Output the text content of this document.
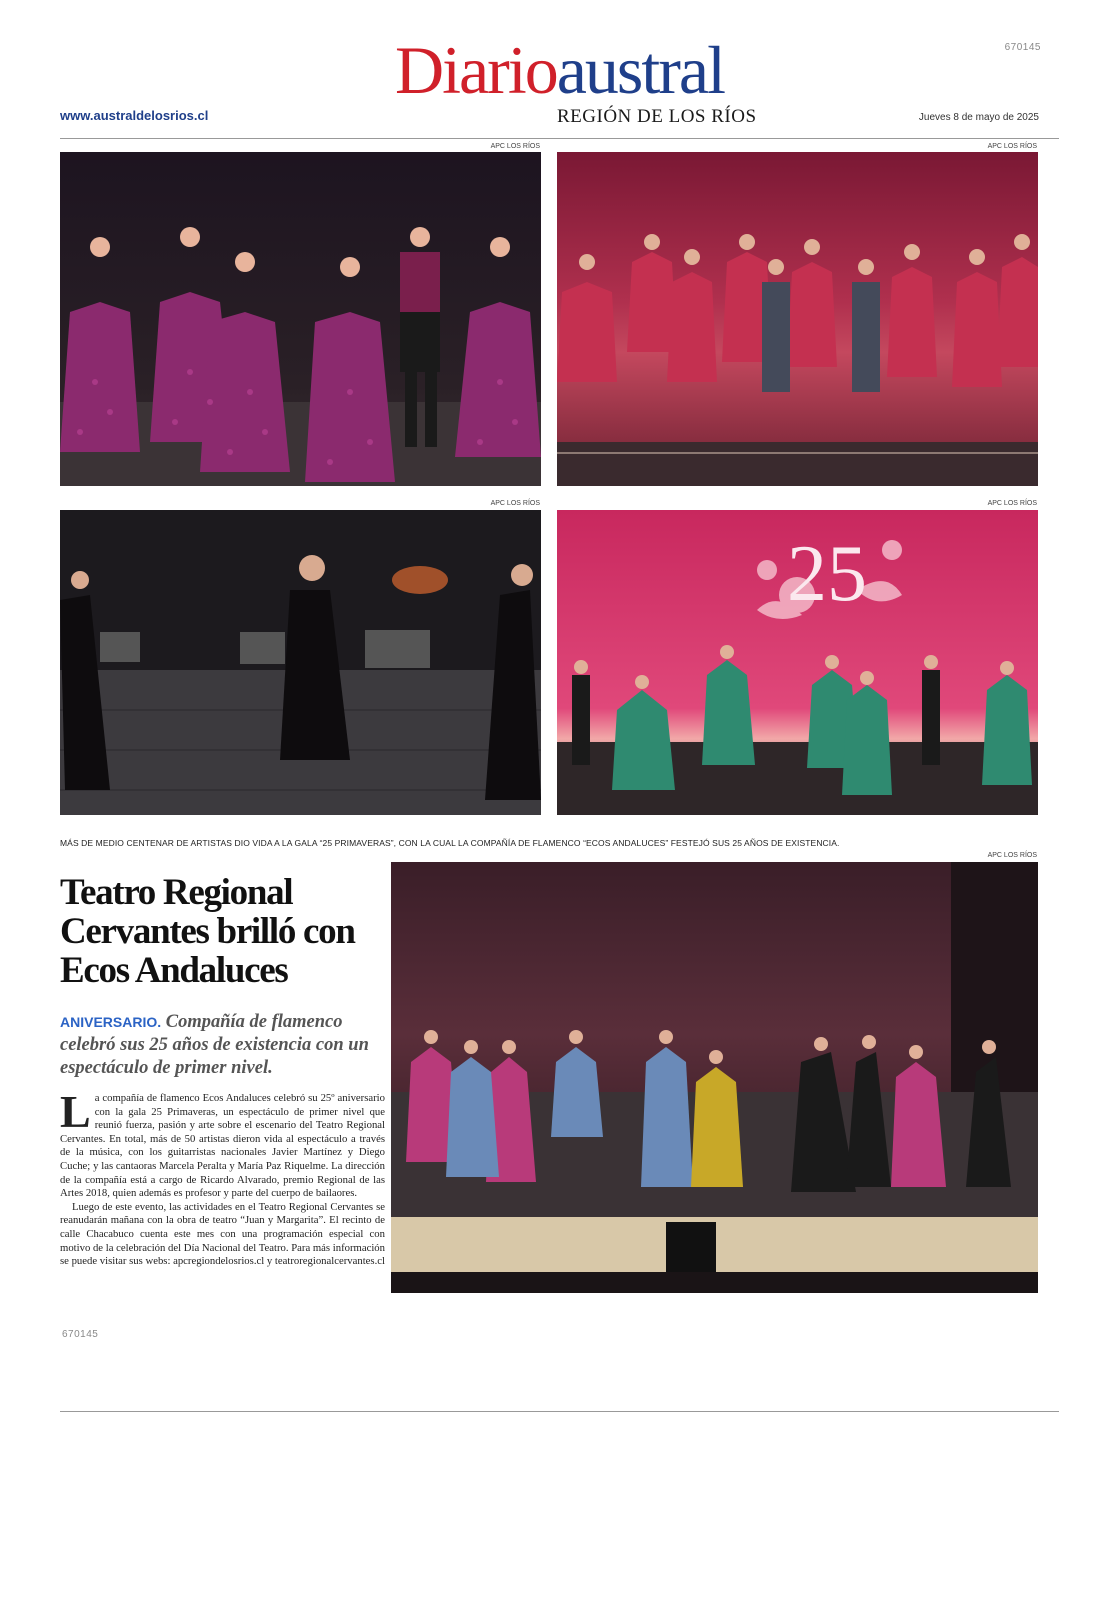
670145
Diarioaustral
REGIÓN DE LOS RÍOS
www.australdelosrios.cl	Jueves 8 de mayo de 2025
APC LOS RÍOS	APC LOS RÍOS
APC LOS RÍOS	APC LOS RÍOS
25
MÁS DE MEDIO CENTENAR DE ARTISTAS DIO VIDA A LA GALA “25 PRIMAVERAS”, CON LA CUAL LA COMPAÑÍA DE FLAMENCO “ECOS ANDALUCES” FESTEJÓ SUS 25 AÑOS DE EXISTENCIA.
Teatro Regional Cervantes brilló con Ecos Andaluces
ANIVERSARIO. Compañía de flamenco celebró sus 25 años de existencia con un espectáculo de primer nivel.

La compañía de flamenco Ecos Andaluces celebró su 25º aniversario con la gala 25 Primaveras, un espectáculo de primer nivel que reunió fuerza, pasión y arte sobre el escenario del Teatro Regional Cervantes. En total, más de 50 artistas dieron vida al espectáculo a través de la música, con los guitarristas nacionales Javier Martínez y Diego Cuche; y las cantaoras Marcela Peralta y María Paz Riquelme. La dirección de la compañía está a cargo de Ricardo Alvarado, premio Regional de las Artes 2018, quien además es profesor y parte del cuerpo de bailaores.

Luego de este evento, las actividades en el Teatro Regional Cervantes se reanudarán mañana con la obra de teatro “Juan y Margarita”. El recinto de calle Chacabuco cuenta este mes con una programación especial con motivo de la celebración del Día Nacional del Teatro. Para más información se puede visitar sus webs: apcregiondelosrios.cl y teatroregionalcervantes.cl

670145
APC LOS RÍOS
